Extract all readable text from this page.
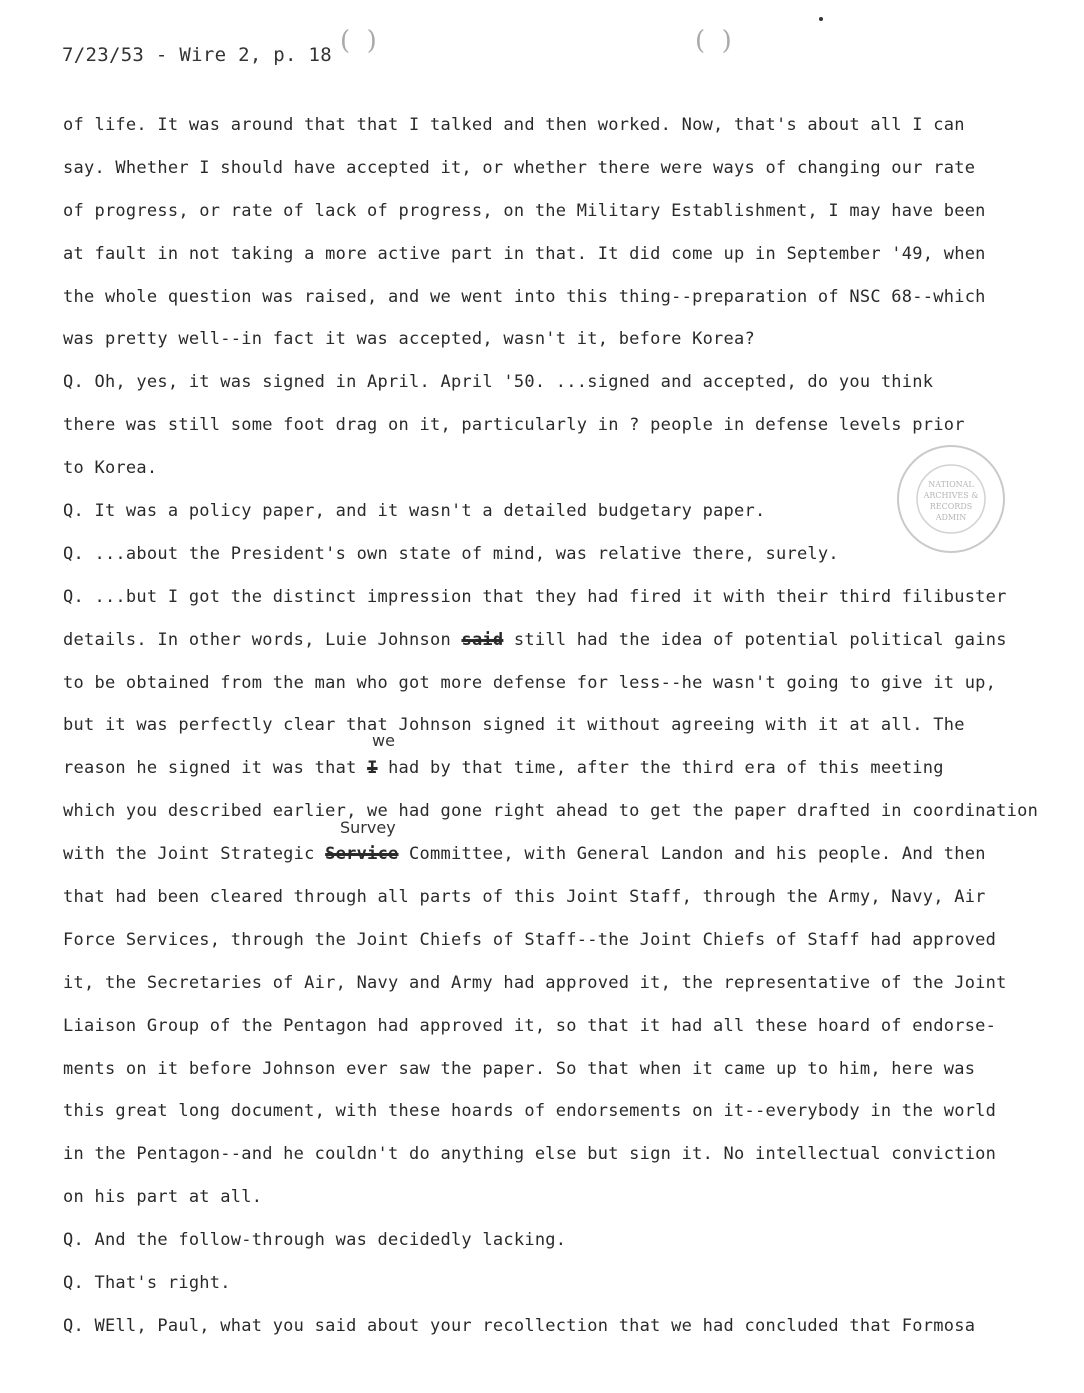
7/23/53 - Wire 2, p. 18 (  )	(  )
of life. It was around that that I talked and then worked. Now, that's about all I can
say. Whether I should have accepted it, or whether there were ways of changing our rate
of progress, or rate of lack of progress, on the Military Establishment, I may have been
at fault in not taking a more active part in that. It did come up in September '49, when
the whole question was raised, and we went into this thing--preparation of NSC 68--which
was pretty well--in fact it was accepted, wasn't it, before Korea?
Q. Oh, yes, it was signed in April. April '50. ...signed and accepted, do you think
there was still some foot drag on it, particularly in ? people in defense levels prior
to Korea.
Q. It was a policy paper, and it wasn't a detailed budgetary paper.
Q. ...about the President's own state of mind, was relative there, surely.
Q. ...but I got the distinct impression that they had fired it with their third filibuster
details. In other words, Luie Johnson said still had the idea of potential political gains
to be obtained from the man who got more defense for less--he wasn't going to give it up,
but it was perfectly clear that Johnson signed it without agreeing with it at all. The
reason he signed it was that I had by that time, after the third era of this meeting
which you described earlier, we had gone right ahead to get the paper drafted in coordination
with the Joint Strategic Service Committee, with General Landon and his people. And then
that had been cleared through all parts of this Joint Staff, through the Army, Navy, Air
Force Services, through the Joint Chiefs of Staff--the Joint Chiefs of Staff had approved
it, the Secretaries of Air, Navy and Army had approved it, the representative of the Joint
Liaison Group of the Pentagon had approved it, so that it had all these hoard of endorse-
ments on it before Johnson ever saw the paper. So that when it came up to him, here was
this great long document, with these hoards of endorsements on it--everybody in the world
in the Pentagon--and he couldn't do anything else but sign it. No intellectual conviction
on his part at all.
Q. And the follow-through was decidedly lacking.
Q. That's right.
Q. WEll, Paul, what you said about your recollection that we had concluded that Formosa
we
Survey
NATIONAL
ARCHIVES &
RECORDS
ADMIN
